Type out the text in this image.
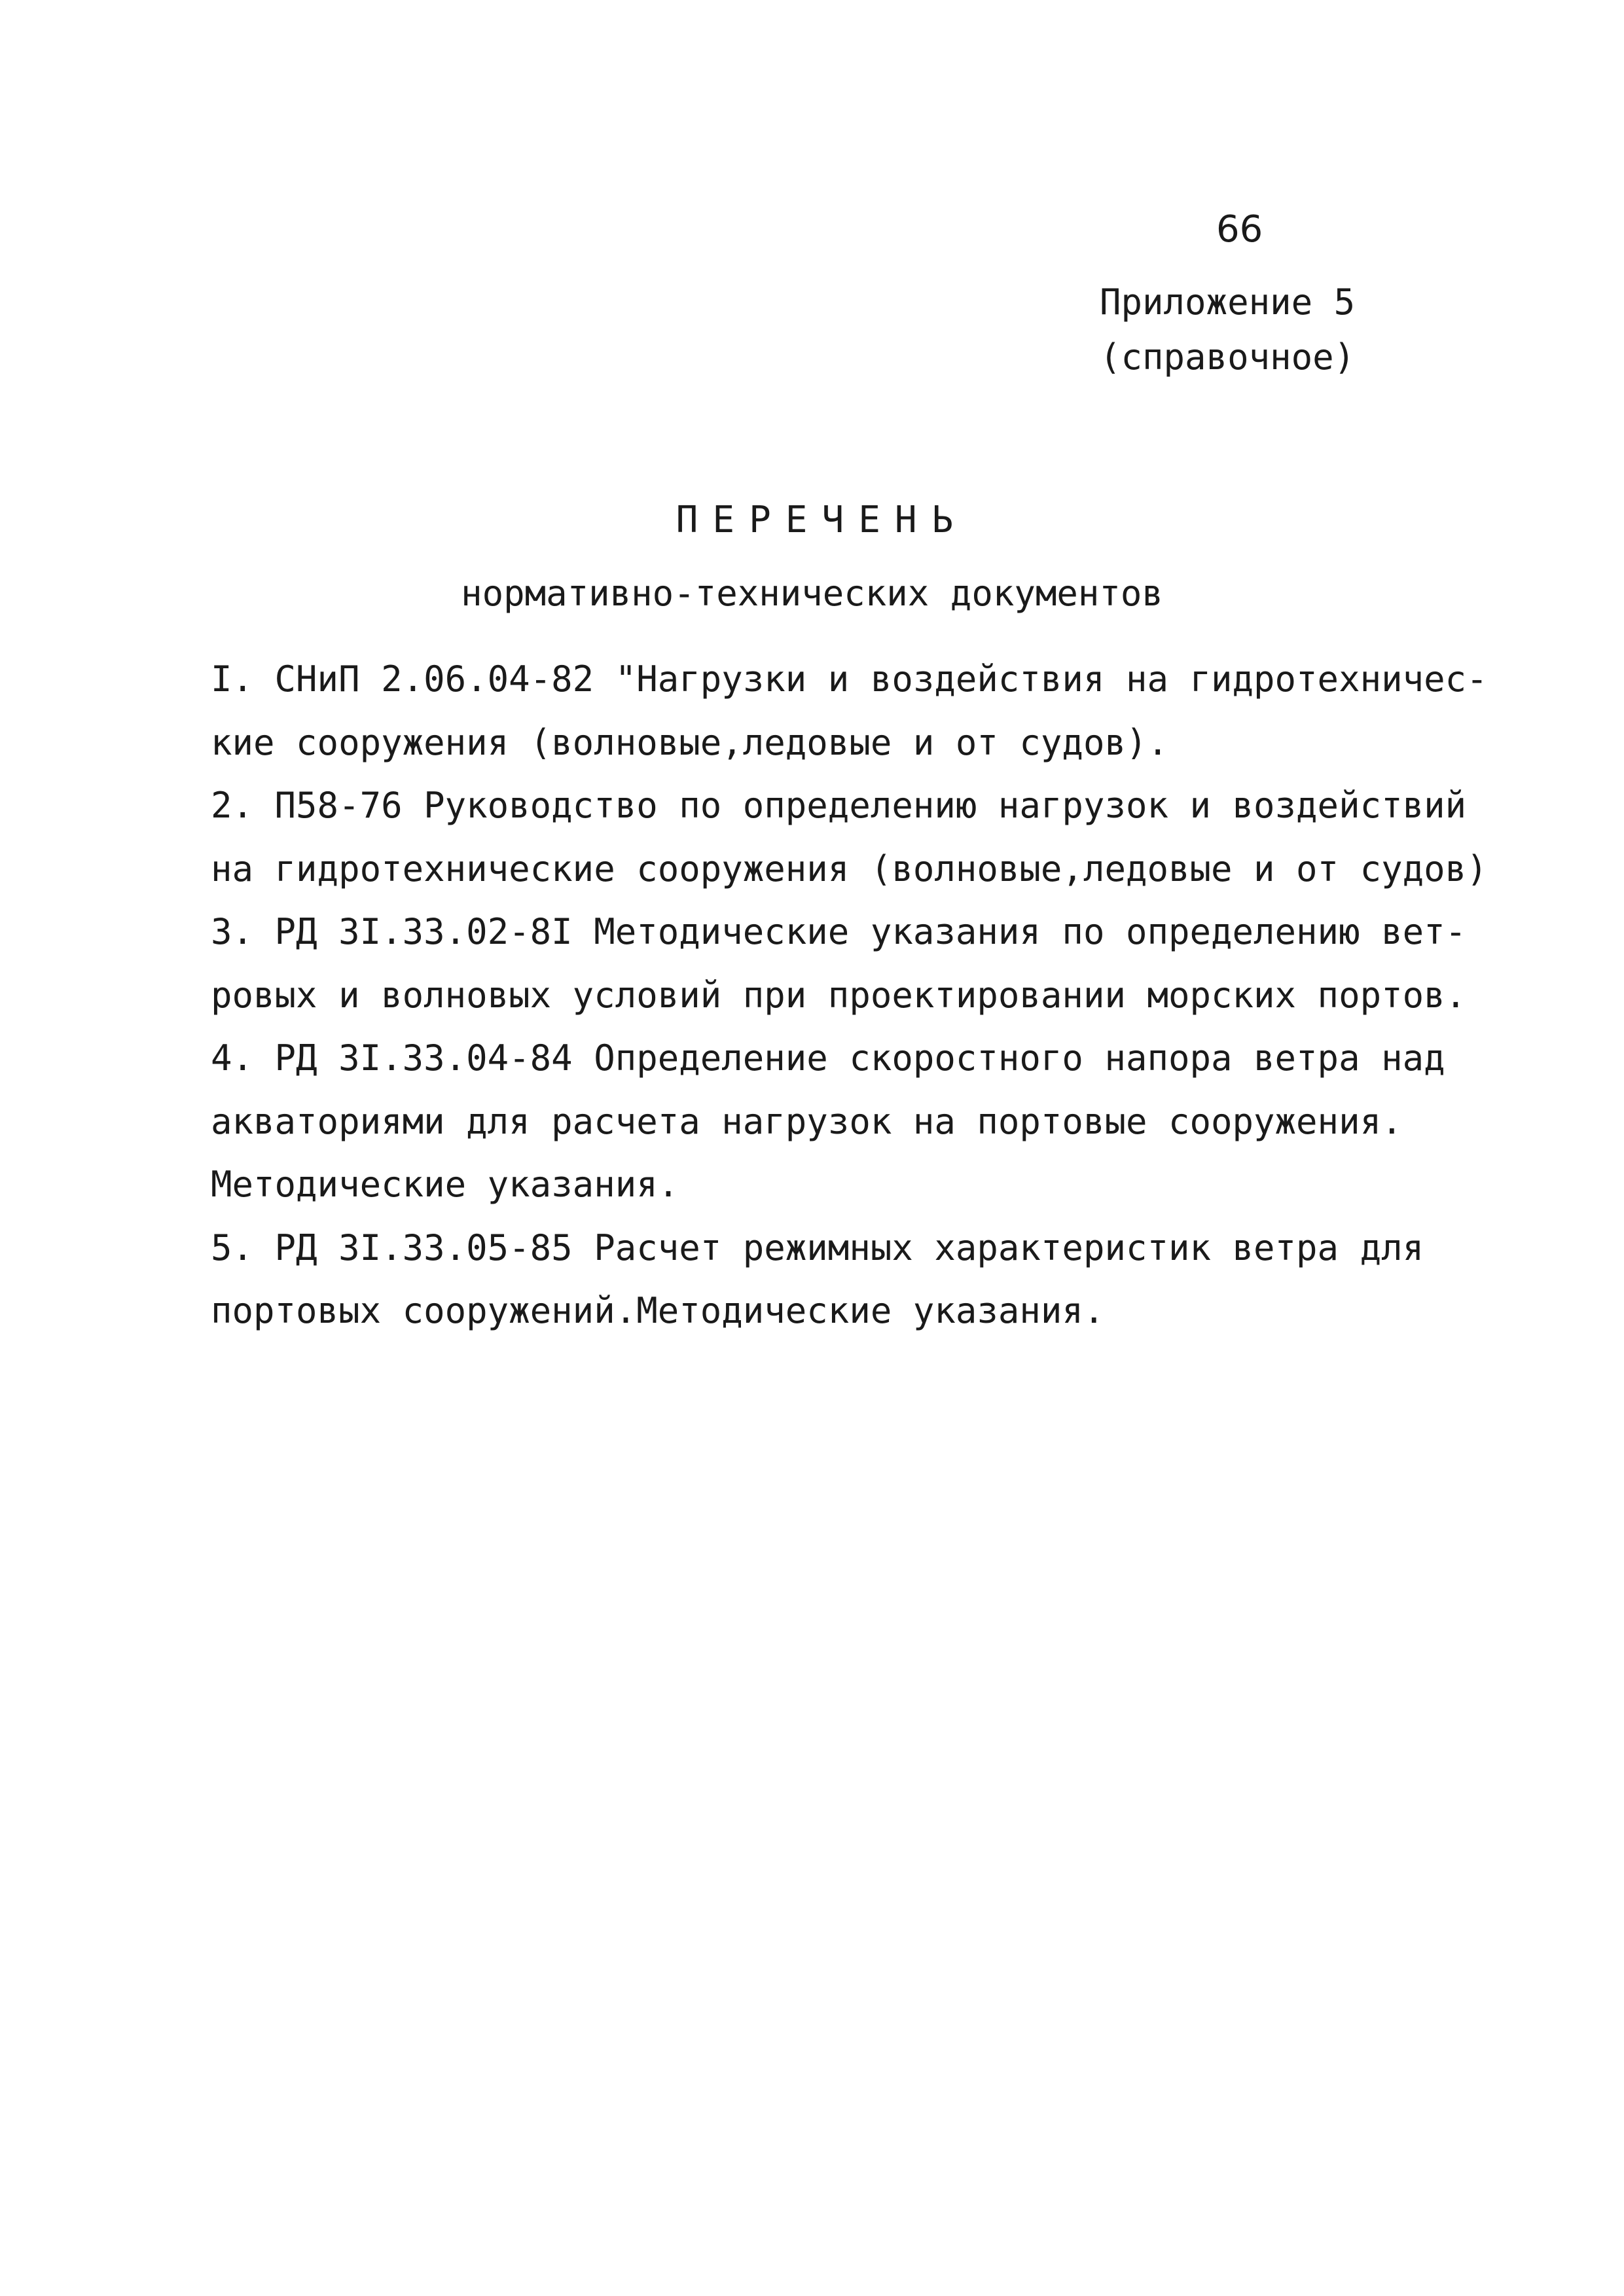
66
Приложение 5
(справочное)
ПЕРЕЧЕНЬ
нормативно-технических документов
I. СНиП 2.06.04-82 "Нагрузки и воздействия на гидротехничес-
кие сооружения (волновые,ледовые и от судов).
2. П58-76 Руководство по определению нагрузок и воздействий
на гидротехнические сооружения (волновые,ледовые и от судов)
3. РД 3I.33.02-8I Методические указания по определению вет-
ровых и волновых условий при проектировании морских портов.
4. РД 3I.33.04-84 Определение скоростного напора ветра над
акваториями для расчета нагрузок на портовые сооружения.
Методические указания.
5. РД 3I.33.05-85 Расчет режимных характеристик ветра для
портовых сооружений.Методические указания.
